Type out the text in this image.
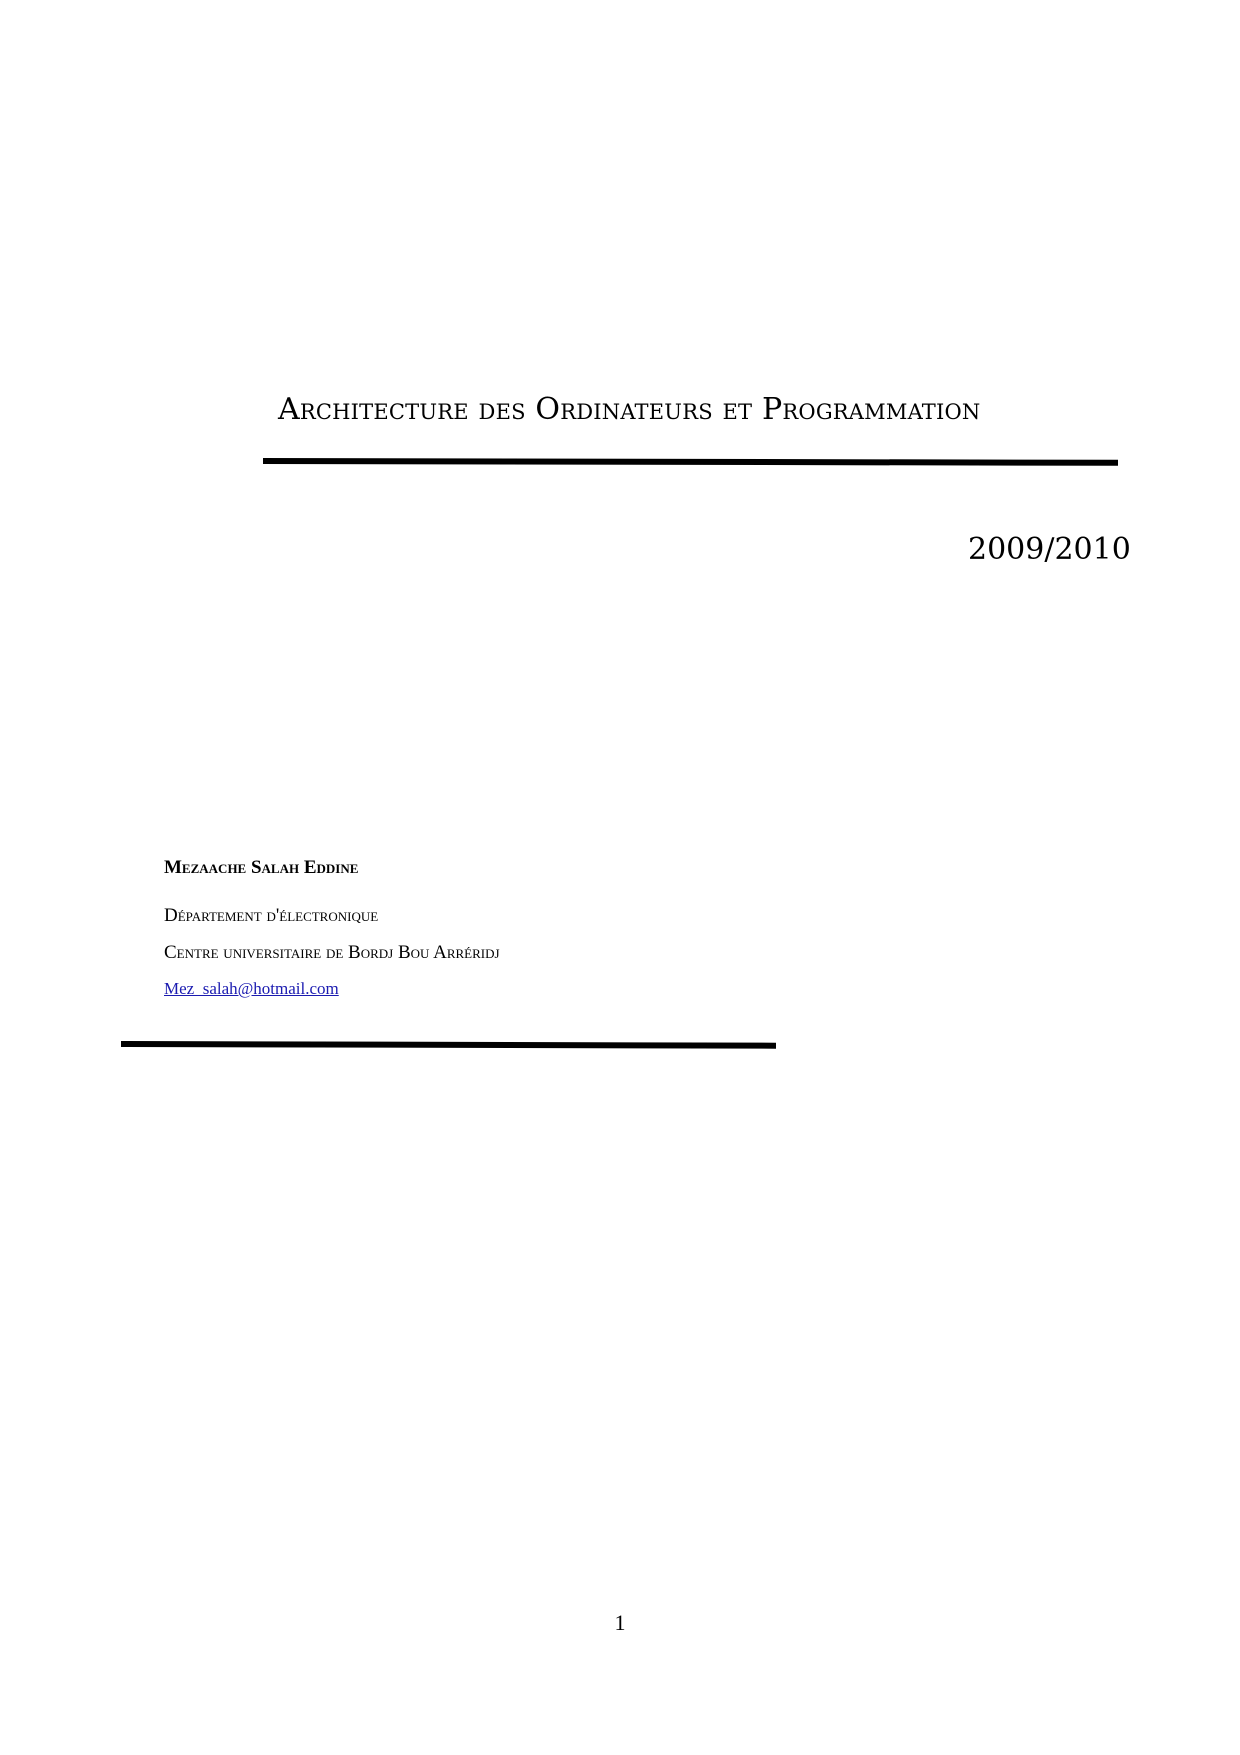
Architecture des Ordinateurs et Programmation
2009/2010
Mezaache Salah Eddine
Département d'électronique
Centre universitaire de Bordj Bou Arréridj
Mez_salah@hotmail.com
1
